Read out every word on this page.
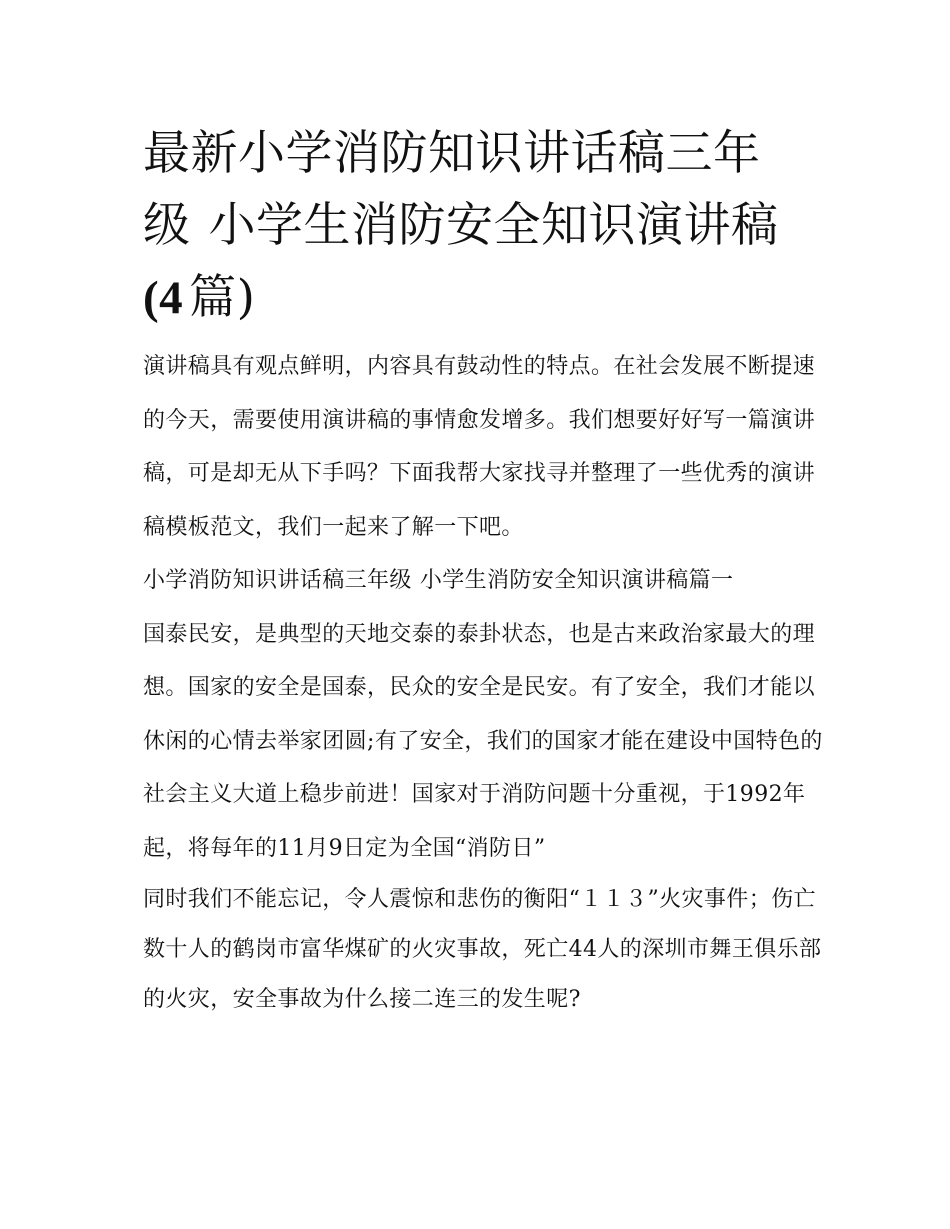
最新小学消防知识讲话稿三年
级 小学生消防安全知识演讲稿
(4 篇)

演讲稿具有观点鲜明，内容具有鼓动性的特点。在社会发展不断提速的今天，需要使用演讲稿的事情愈发增多。我们想要好好写一篇演讲稿，可是却无从下手吗？下面我帮大家找寻并整理了一些优秀的演讲稿模板范文，我们一起来了解一下吧。

小学消防知识讲话稿三年级 小学生消防安全知识演讲稿篇一

国泰民安，是典型的天地交泰的泰卦状态，也是古来政治家最大的理想。国家的安全是国泰，民众的安全是民安。有了安全，我们才能以休闲的心情去举家团圆;有了安全，我们的国家才能在建设中国特色的社会主义大道上稳步前进！国家对于消防问题十分重视，于1992年起，将每年的11月9日定为全国“消防日”

同时我们不能忘记，令人震惊和悲伤的衡阳“１１３”火灾事件；伤亡数十人的鹤岗市富华煤矿的火灾事故，死亡44人的深圳市舞王俱乐部的火灾，安全事故为什么接二连三的发生呢?
